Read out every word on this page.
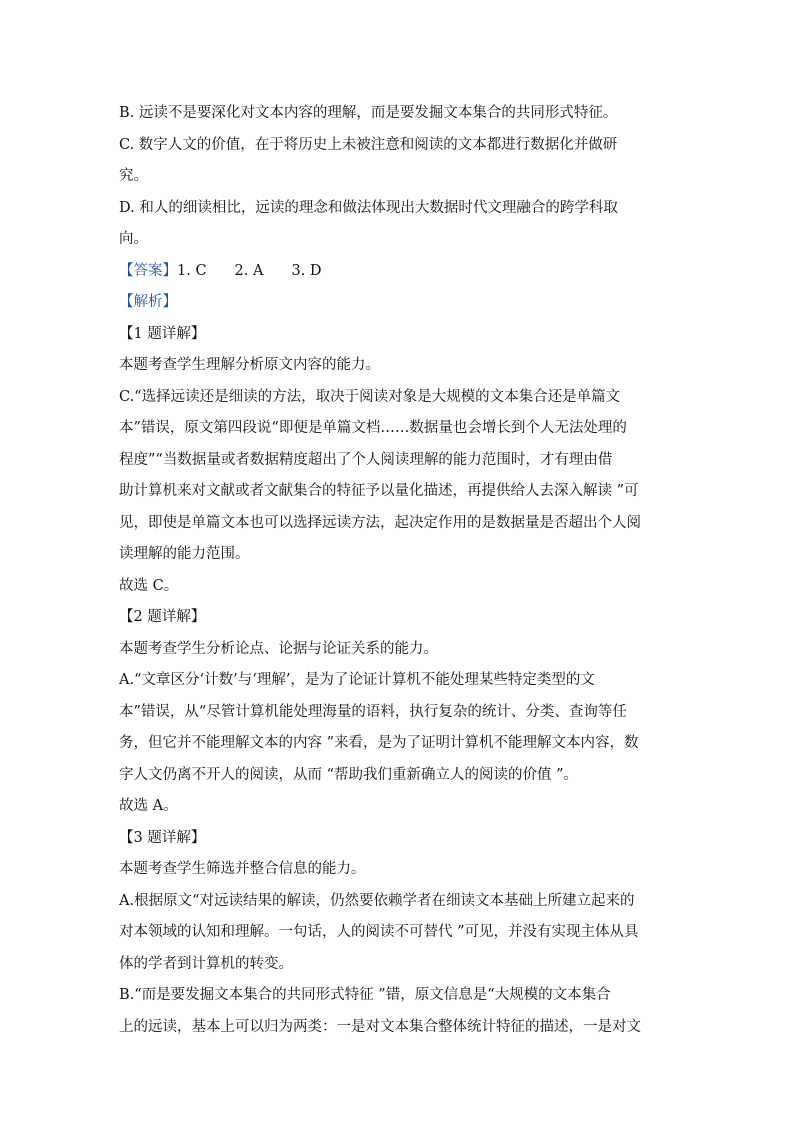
B. 远读不是要深化对文本内容的理解，而是要发掘文本集合的共同形式特征。
C. 数字人文的价值，在于将历史上未被注意和阅读的文本都进行数据化并做研
究。
D. 和人的细读相比，远读的理念和做法体现出大数据时代文理融合的跨学科取
向。
【答案】1. C 2. A 3. D
【解析】
【1 题详解】
本题考查学生理解分析原文内容的能力。
C.“选择远读还是细读的方法，取决于阅读对象是大规模的文本集合还是单篇文
本”错误，原文第四段说“即便是单篇文档……数据量也会增长到个人无法处理的
程度”“当数据量或者数据精度超出了个人阅读理解的能力范围时，才有理由借
助计算机来对文献或者文献集合的特征予以量化描述，再提供给人去深入解读 ”可
见，即使是单篇文本也可以选择远读方法，起决定作用的是数据量是否超出个人阅
读理解的能力范围。
故选 C。
【2 题详解】
本题考查学生分析论点、论据与论证关系的能力。
A.“文章区分‘计数’与‘理解’，是为了论证计算机不能处理某些特定类型的文
本”错误，从“尽管计算机能处理海量的语料，执行复杂的统计、分类、查询等任
务，但它并不能理解文本的内容 ”来看，是为了证明计算机不能理解文本内容，数
字人文仍离不开人的阅读，从而 “帮助我们重新确立人的阅读的价值 ”。
故选 A。
【3 题详解】
本题考查学生筛选并整合信息的能力。
A.根据原文“对远读结果的解读，仍然要依赖学者在细读文本基础上所建立起来的
对本领域的认知和理解。一句话，人的阅读不可替代 ”可见，并没有实现主体从具
体的学者到计算机的转变。
B.“而是要发掘文本集合的共同形式特征 ”错，原文信息是“大规模的文本集合
上的远读，基本上可以归为两类：一是对文本集合整体统计特征的描述，一是对文
